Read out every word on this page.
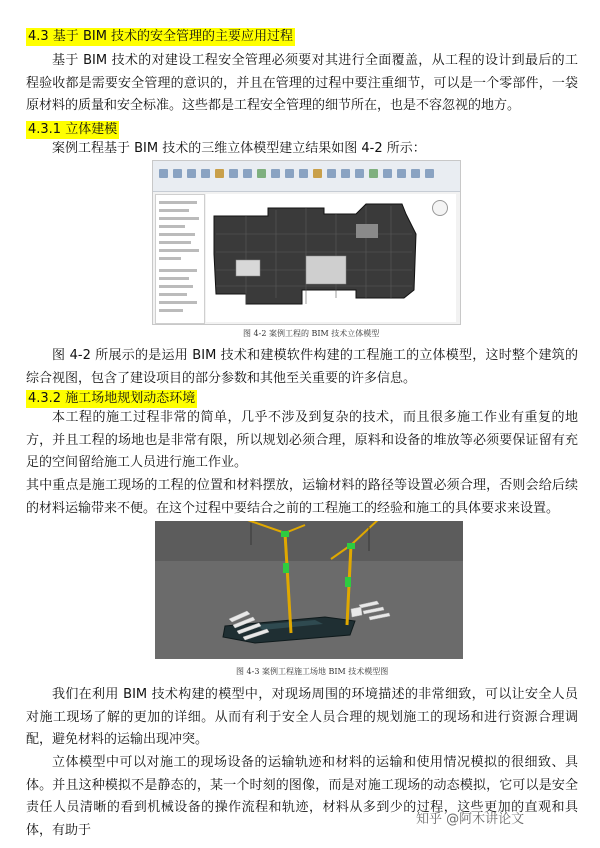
4.3 基于 BIM 技术的安全管理的主要应用过程

基于 BIM 技术的对建设工程安全管理必须要对其进行全面覆盖，从工程的设计到最后的工程验收都是需要安全管理的意识的，并且在管理的过程中要注重细节，可以是一个零部件，一袋原材料的质量和安全标准。这些都是工程安全管理的细节所在，也是不容忽视的地方。

4.3.1 立体建模

案例工程基于 BIM 技术的三维立体模型建立结果如图 4-2 所示：

图 4-2 案例工程的 BIM 技术立体模型

图 4-2 所展示的是运用 BIM 技术和建模软件构建的工程施工的立体模型，这时整个建筑的综合视图，包含了建设项目的部分参数和其他至关重要的许多信息。

4.3.2 施工场地规划动态环境

本工程的施工过程非常的简单，几乎不涉及到复杂的技术，而且很多施工作业有重复的地方，并且工程的场地也是非常有限，所以规划必须合理，原料和设备的堆放等必须要保证留有充足的空间留给施工人员进行施工作业。

其中重点是施工现场的工程的位置和材料摆放，运输材料的路径等设置必须合理，否则会给后续的材料运输带来不便。在这个过程中要结合之前的工程施工的经验和施工的具体要求来设置。

图 4-3 案例工程施工场地 BIM 技术模型图

我们在利用 BIM 技术构建的模型中，对现场周围的环境描述的非常细致，可以让安全人员对施工现场了解的更加的详细。从而有利于安全人员合理的规划施工的现场和进行资源合理调配，避免材料的运输出现冲突。

立体模型中可以对施工的现场设备的运输轨迹和材料的运输和使用情况模拟的很细致、具体。并且这种模拟不是静态的，某一个时刻的图像，而是对施工现场的动态模拟，它可以是安全责任人员清晰的看到机械设备的操作流程和轨迹，材料从多到少的过程，这些更加的直观和具体，有助于

知乎 @阿木讲论文
